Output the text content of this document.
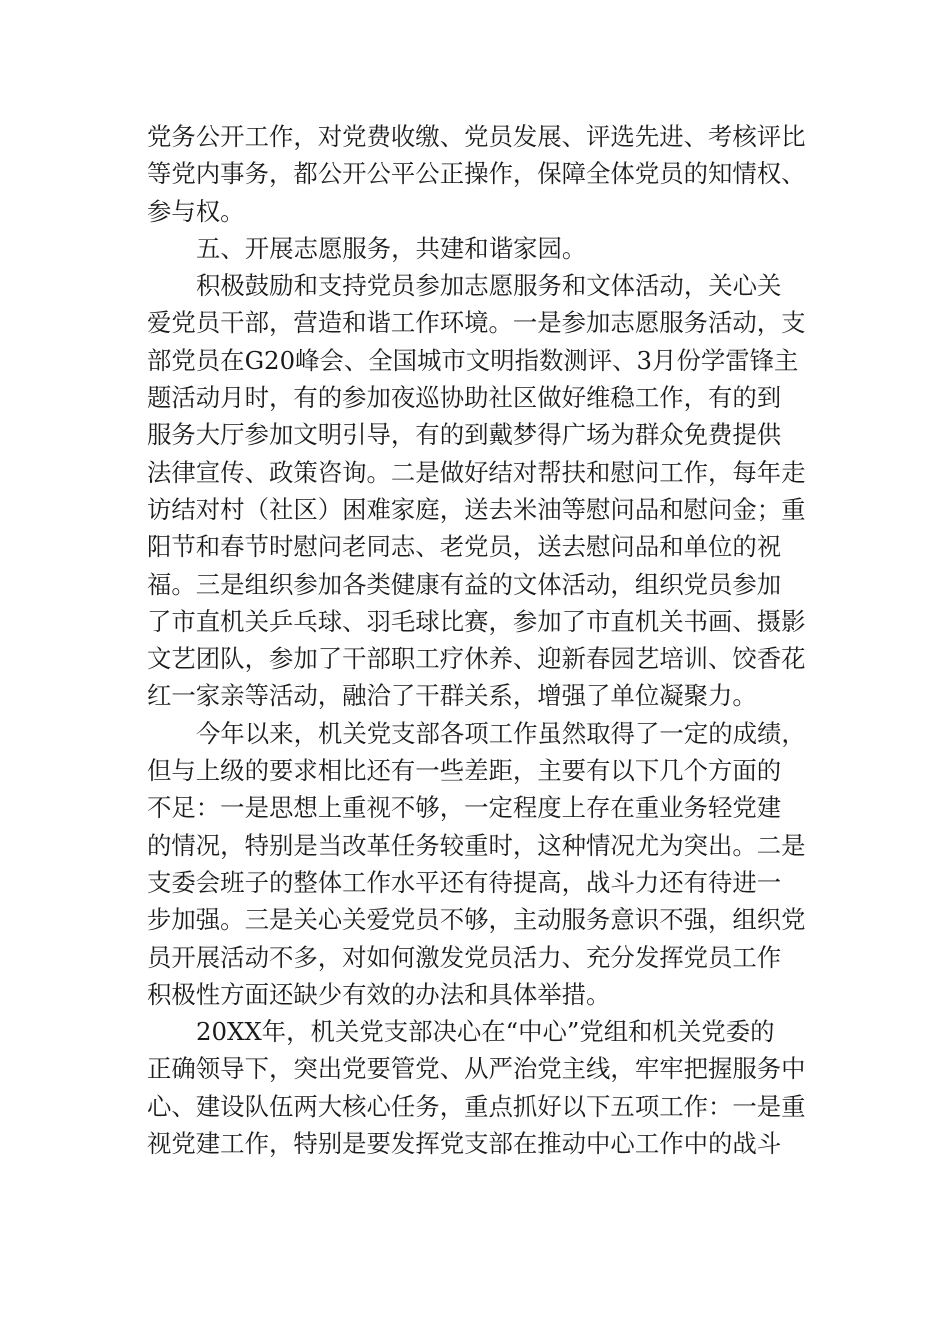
党务公开工作，对党费收缴、党员发展、评选先进、考核评比
等党内事务，都公开公平公正操作，保障全体党员的知情权、
参与权。
五、开展志愿服务，共建和谐家园。
积极鼓励和支持党员参加志愿服务和文体活动，关心关
爱党员干部，营造和谐工作环境。一是参加志愿服务活动，支
部党员在G20峰会、全国城市文明指数测评、3月份学雷锋主
题活动月时，有的参加夜巡协助社区做好维稳工作，有的到
服务大厅参加文明引导，有的到戴梦得广场为群众免费提供
法律宣传、政策咨询。二是做好结对帮扶和慰问工作，每年走
访结对村（社区）困难家庭，送去米油等慰问品和慰问金；重
阳节和春节时慰问老同志、老党员，送去慰问品和单位的祝
福。三是组织参加各类健康有益的文体活动，组织党员参加
了市直机关乒乓球、羽毛球比赛，参加了市直机关书画、摄影
文艺团队，参加了干部职工疗休养、迎新春园艺培训、饺香花
红一家亲等活动，融洽了干群关系，增强了单位凝聚力。
今年以来，机关党支部各项工作虽然取得了一定的成绩，
但与上级的要求相比还有一些差距，主要有以下几个方面的
不足：一是思想上重视不够，一定程度上存在重业务轻党建
的情况，特别是当改革任务较重时，这种情况尤为突出。二是
支委会班子的整体工作水平还有待提高，战斗力还有待进一
步加强。三是关心关爱党员不够，主动服务意识不强，组织党
员开展活动不多，对如何激发党员活力、充分发挥党员工作
积极性方面还缺少有效的办法和具体举措。
20XX年，机关党支部决心在“中心”党组和机关党委的
正确领导下，突出党要管党、从严治党主线，牢牢把握服务中
心、建设队伍两大核心任务，重点抓好以下五项工作：一是重
视党建工作，特别是要发挥党支部在推动中心工作中的战斗
